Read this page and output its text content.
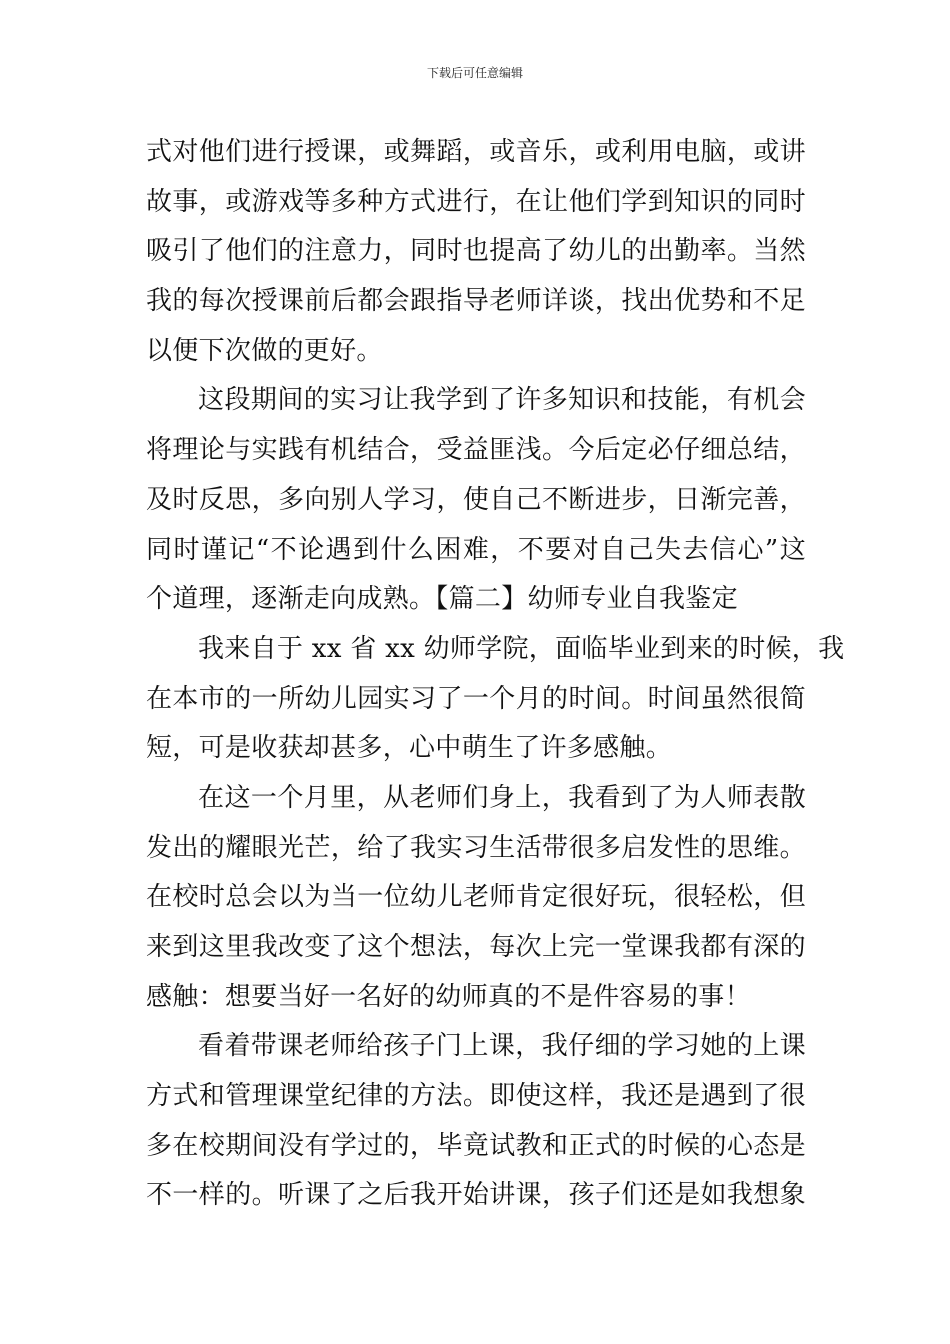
下载后可任意编辑
式对他们进行授课，或舞蹈，或音乐，或利用电脑，或讲
故事，或游戏等多种方式进行，在让他们学到知识的同时
吸引了他们的注意力，同时也提高了幼儿的出勤率。当然
我的每次授课前后都会跟指导老师详谈，找出优势和不足
以便下次做的更好。
这段期间的实习让我学到了许多知识和技能，有机会
将理论与实践有机结合，受益匪浅。今后定必仔细总结，
及时反思，多向别人学习，使自己不断进步，日渐完善，
同时谨记“不论遇到什么困难，不要对自己失去信心”这
个道理，逐渐走向成熟。【篇二】幼师专业自我鉴定
我来自于 xx 省 xx 幼师学院，面临毕业到来的时候，我
在本市的一所幼儿园实习了一个月的时间。时间虽然很简
短，可是收获却甚多，心中萌生了许多感触。
在这一个月里，从老师们身上，我看到了为人师表散
发出的耀眼光芒，给了我实习生活带很多启发性的思维。
在校时总会以为当一位幼儿老师肯定很好玩，很轻松，但
来到这里我改变了这个想法，每次上完一堂课我都有深的
感触：想要当好一名好的幼师真的不是件容易的事！
看着带课老师给孩子门上课，我仔细的学习她的上课
方式和管理课堂纪律的方法。即使这样，我还是遇到了很
多在校期间没有学过的，毕竟试教和正式的时候的心态是
不一样的。听课了之后我开始讲课，孩子们还是如我想象
